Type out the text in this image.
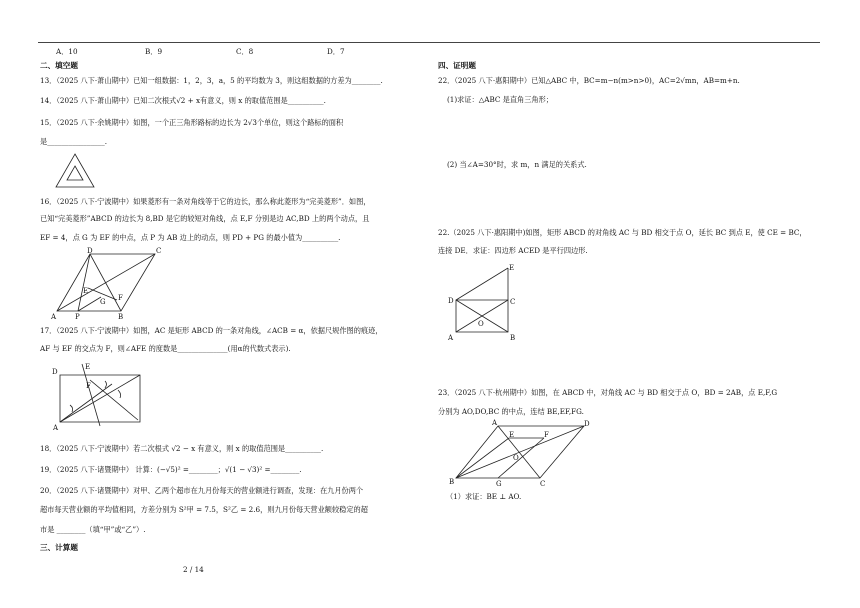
A．10	B．9	C．8	D．7
二、填空题
13．（2025 八下·萧山期中）已知一组数据：1，2，3，a，5 的平均数为 3，则这组数据的方差为________.
14．（2025 八下·萧山期中）已知二次根式√2 + x有意义，则 x 的取值范围是__________.
15．（2025 八下·余姚期中）如图，一个正三角形路标的边长为 2√3个单位，则这个路标的面积
是________________.
16．（2025 八下·宁波期中）如果菱形有一条对角线等于它的边长，那么称此菱形为“完美菱形”．如图，
已知“完美菱形”ABCD 的边长为 8,BD 是它的较短对角线，点 E,F 分别是边 AC,BD 上的两个动点，且
EF = 4，点 G 为 EF 的中点，点 P 为 AB 边上的动点，则 PD + PG 的最小值为__________.
D	C
E
G F
A	P	B
17．（2025 八下·宁波期中）如图，AC 是矩形 ABCD 的一条对角线，∠ACB = α，依据尺规作图的痕迹，
AF 与 EF 的交点为 F，则∠AFE 的度数是______________(用α的代数式表示).
D
A
E
F
18．（2025 八下·宁波期中）若二次根式 √2 − x 有意义，则 x 的取值范围是__________.
19．（2025 八下·诸暨期中） 计算：(−√5)² =________；√(1 − √3)² =________.
20．（2025 八下·诸暨期中）对甲、乙两个超市在九月份每天的营业额进行调查，发现：在九月份两个
超市每天营业额的平均值相同，方差分别为 S²甲 = 7.5，S²乙 = 2.6，则九月份每天营业额较稳定的超
市是 ________（填“甲”或“乙”）.
三、计算题
2 / 14
四、证明题
22．（2025 八下·惠阳期中）已知△ABC 中，BC=m−n(m>n>0)，AC=2√mn，AB=m+n.
(1)求证：△ABC 是直角三角形；
(2) 当∠A=30°时，求 m，n 满足的关系式.
22.（2025 八下·惠阳期中)如图，矩形 ABCD 的对角线 AC 与 BD 相交于点 O，延长 BC 到点 E，使 CE = BC，
连接 DE．求证：四边形 ACED 是平行四边形.
E
D	C
O
A	B
23．（2025 八下·杭州期中）如图，在 ABCD 中，对角线 AC 与 BD 相交于点 O，BD = 2AB，点 E,F,G
分别为 AO,DO,BC 的中点，连结 BE,EF,FG.
A	D
E	F
O
G
B	C
（1）求证：BE ⊥ AO.
